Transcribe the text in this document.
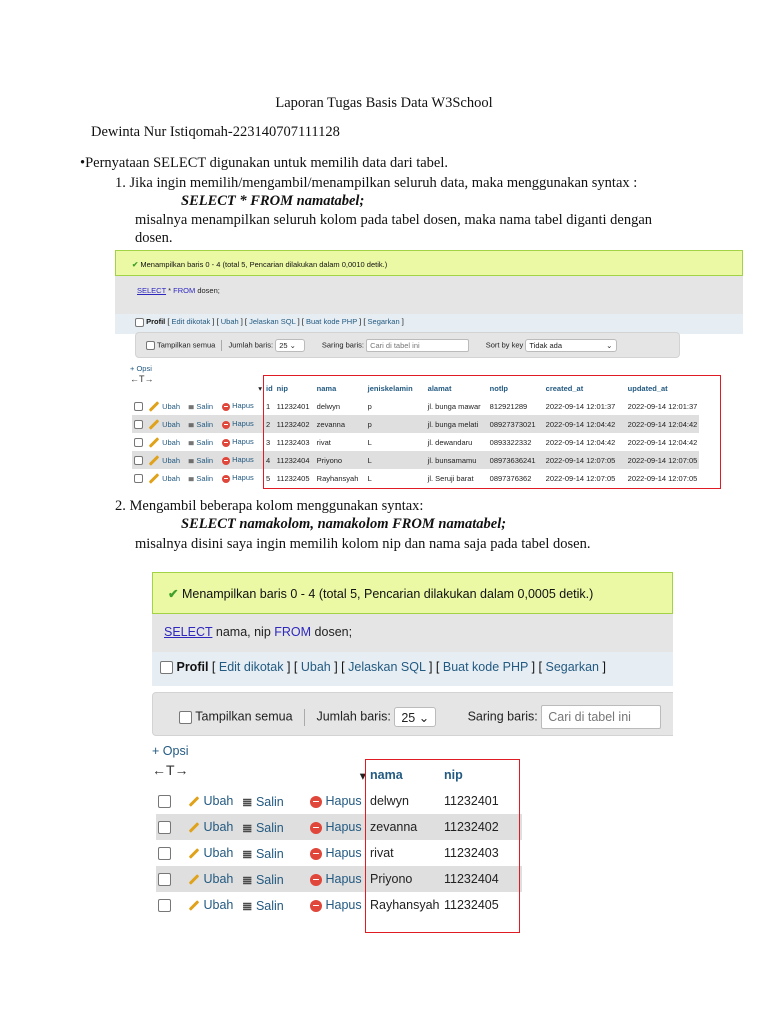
Laporan Tugas Basis Data W3School
Dewinta Nur Istiqomah-223140707111128
•Pernyataan SELECT digunakan untuk memilih data dari tabel.
1. Jika ingin memilih/mengambil/menampilkan seluruh data, maka menggunakan syntax :
SELECT * FROM namatabel;
misalnya menampilkan seluruh kolom pada tabel dosen, maka nama tabel diganti dengan
dosen.
✔ Menampilkan baris 0 - 4 (total 5, Pencarian dilakukan dalam 0,0010 detik.)
SELECT * FROM dosen;
Profil [ Edit dikotak ] [ Ubah ] [ Jelaskan SQL ] [ Buat kode PHP ] [ Segarkan ]
Tampilkan semua Jumlah baris: 25 ⌄	Saring baris: Cari di tabel ini	Sort by key Tidak ada	⌄
+ Opsi
←T→
			▾	id	nip	nama	jeniskelamin	alamat	notlp	created_at	updated_at
	Ubah	≣ Salin	Hapus	1	11232401	delwyn	p	jl. bunga mawar	812921289	2022-09-14 12:01:37	2022-09-14 12:01:37
	Ubah	≣ Salin	Hapus	2	11232402	zevanna	p	jl. bunga melati	08927373021	2022-09-14 12:04:42	2022-09-14 12:04:42
	Ubah	≣ Salin	Hapus	3	11232403	rivat	L	jl. dewandaru	0893322332	2022-09-14 12:04:42	2022-09-14 12:04:42
	Ubah	≣ Salin	Hapus	4	11232404	Priyono	L	jl. bunsamamu	08973636241	2022-09-14 12:07:05	2022-09-14 12:07:05
	Ubah	≣ Salin	Hapus	5	11232405	Rayhansyah	L	jl. Seruji barat	0897376362	2022-09-14 12:07:05	2022-09-14 12:07:05
2. Mengambil beberapa kolom menggunakan syntax:
SELECT namakolom, namakolom FROM namatabel;
misalnya disini saya ingin memilih kolom nip dan nama saja pada tabel dosen.
✔ Menampilkan baris 0 - 4 (total 5, Pencarian dilakukan dalam 0,0005 detik.)
SELECT nama, nip FROM dosen;
Profil [ Edit dikotak ] [ Ubah ] [ Jelaskan SQL ] [ Buat kode PHP ] [ Segarkan ]
Tampilkan semua Jumlah baris: 25 ⌄	Saring baris: Cari di tabel ini
+ Opsi
←T→
				▾	nama	nip
	Ubah	≣ Salin	Hapus	delwyn	11232401
	Ubah	≣ Salin	Hapus	zevanna	11232402
	Ubah	≣ Salin	Hapus	rivat	11232403
	Ubah	≣ Salin	Hapus	Priyono	11232404
	Ubah	≣ Salin	Hapus	Rayhansyah	11232405
